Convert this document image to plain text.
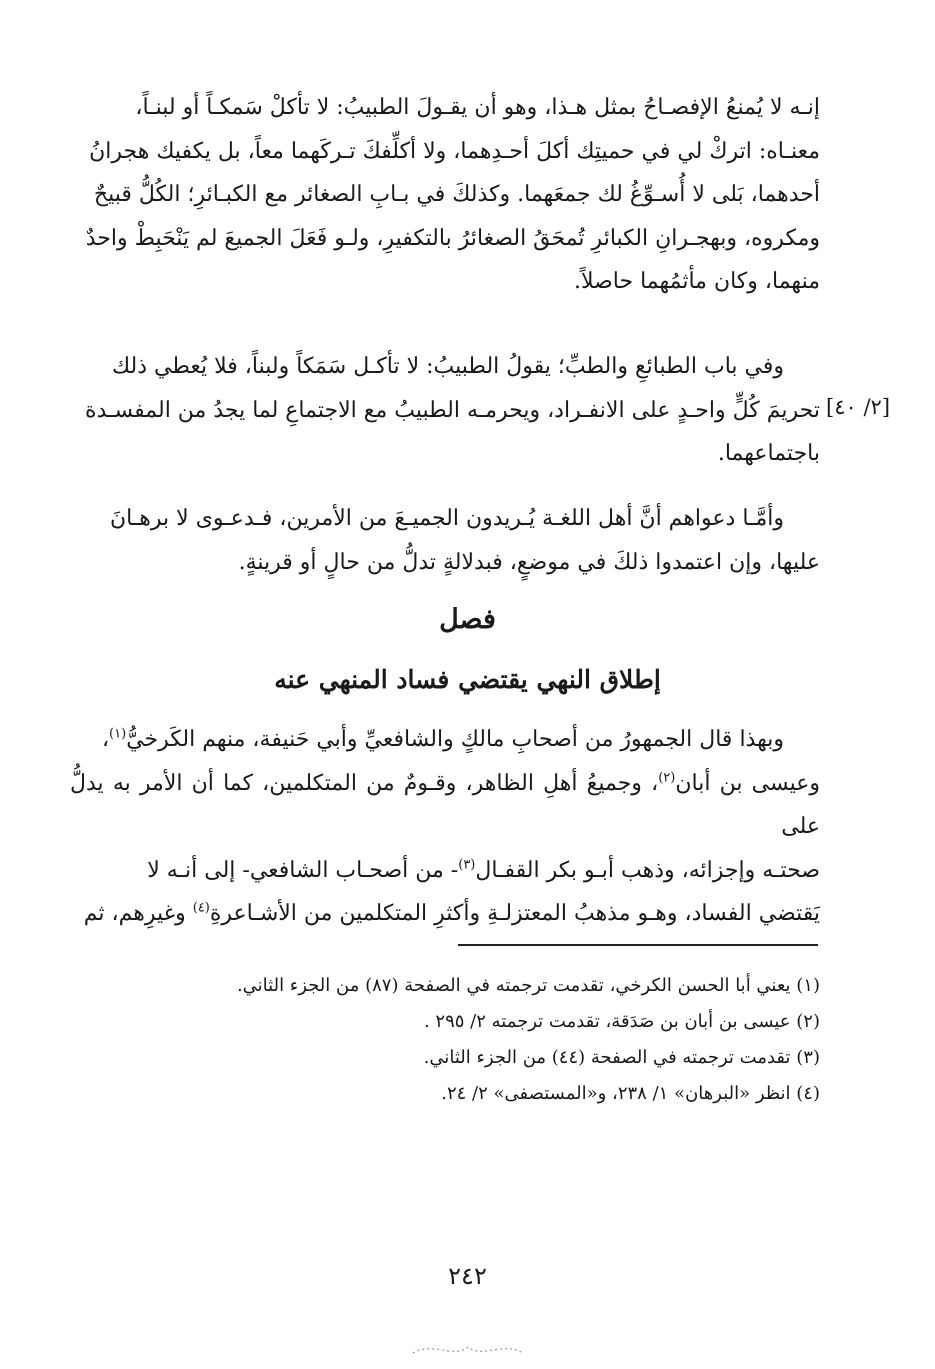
إنـه لا يُمنعُ الإفصـاحُ بمثل هـذا، وهو أن يقـولَ الطبيبُ: لا تأكلْ سَمكـاً أو لبنـاً،

معنـاه: اتركْ لي في حميتِك أكلَ أحـدِهما، ولا أكلِّفكَ تـركَهما معاً، بل يكفيك هجرانُ

أحدهما، بَلى لا أُسـوِّغُ لك جمعَهما. وكذلكَ في بـابِ الصغائر مع الكبـائرِ؛ الكُلُّ قبيحٌ

ومكروه، وبهجـرانِ الكبائرِ تُمحَقُ الصغائرُ بالتكفيرِ، ولـو فَعَلَ الجميعَ لم يَنْحَبِطْ واحدٌ

منهما، وكان مأثمُهما حاصلاً.

وفي باب الطبائعِ والطبِّ؛ يقولُ الطبيبُ: لا تأكـل سَمَكاً ولبناً، فلا يُعطي ذلك

تحريمَ كُلٍّ واحـدٍ على الانفـراد، ويحرمـه الطبيبُ مع الاجتماعِ لما يجدُ من المفسـدة

باجتماعهما.

[٢/ ٤٠]

وأمَّـا دعواهم أنَّ أهل اللغـة يُـريدون الجميـعَ من الأمرين، فـدعـوى لا برهـانَ

عليها، وإن اعتمدوا ذلكَ في موضعٍ، فبدلالةٍ تدلُّ من حالٍ أو قرينةٍ.

فصل
إطلاق النهي يقتضي فساد المنهي عنه

وبهذا قال الجمهورُ من أصحابِ مالكٍ والشافعيِّ وأبي حَنيفة، منهم الكَرخيُّ$^{(١)}$،

وعيسى بن أبان$^{(٢)}$، وجميعُ أهلِ الظاهر، وقـومٌ من المتكلمين، كما أن الأمر به يدلُّ على

صحتـه وإجزائه، وذهب أبـو بكر القفـال$^{(٣)}$- من أصحـاب الشافعي- إلى أنـه لا

يَقتضي الفساد، وهـو مذهبُ المعتزلـةِ وأكثرِ المتكلمين من الأشـاعرةِ$^{(٤)}$ وغيرِهم، ثم

(١) يعني أبا الحسن الكرخي، تقدمت ترجمته في الصفحة (٨٧) من الجزء الثاني.
(٢) عيسى بن أبان بن صَدَقة، تقدمت ترجمته ٢/ ٢٩٥ .
(٣) تقدمت ترجمته في الصفحة (٤٤) من الجزء الثاني.
(٤) انظر «البرهان» ١/ ٢٣٨، و«المستصفى» ٢/ ٢٤.
٢٤٢
